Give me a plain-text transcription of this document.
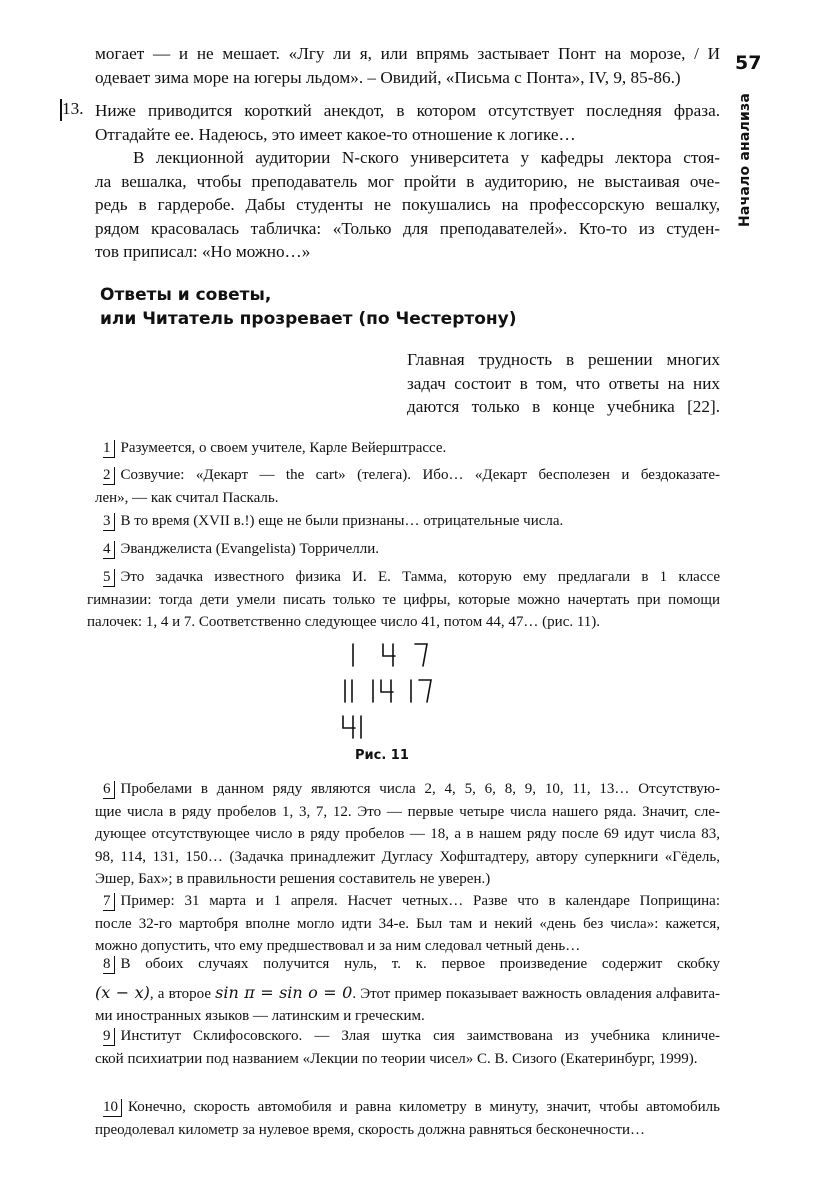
57
Начало анализа
могает — и не мешает. «Лгу ли я, или впрямь застывает Понт на морозе, / И
одевает зима море на югеры льдом». – Овидий, «Письма с Понта», IV, 9, 85-86.)
13. Ниже приводится короткий анекдот, в котором отсутствует последняя фраза.
Отгадайте ее. Надеюсь, это имеет какое-то отношение к логике…
В лекционной аудитории N-ского университета у кафедры лектора стоя-
ла вешалка, чтобы преподаватель мог пройти в аудиторию, не выстаивая оче-
редь в гардеробе. Дабы студенты не покушались на профессорскую вешалку,
рядом красовалась табличка: «Только для преподавателей». Кто-то из студен-
тов приписал: «Но можно…»
Ответы и советы,
или Читатель прозревает (по Честертону)
Главная трудность в решении многих
задач состоит в том, что ответы на них
даются только в конце учебника [22].
1 Разумеется, о своем учителе, Карле Вейерштрассе.
2 Созвучие: «Декарт — the cart» (телега). Ибо… «Декарт бесполезен и бездоказате-
лен», — как считал Паскаль.
3 В то время (XVII в.!) еще не были признаны… отрицательные числа.
4 Эванджелиста (Evangelista) Торричелли.
5 Это задачка известного физика И. Е. Тамма, которую ему предлагали в 1 классе
гимназии: тогда дети умели писать только те цифры, которые можно начертать при помощи
палочек: 1, 4 и 7. Соответственно следующее число 41, потом 44, 47… (рис. 11).
Рис. 11
6 Пробелами в данном ряду являются числа 2, 4, 5, 6, 8, 9, 10, 11, 13… Отсутствую-
щие числа в ряду пробелов 1, 3, 7, 12. Это — первые четыре числа нашего ряда. Значит, сле-
дующее отсутствующее число в ряду пробелов — 18, а в нашем ряду после 69 идут числа 83,
98, 114, 131, 150… (Задачка принадлежит Дугласу Хофштадтеру, автору суперкниги «Гёдель,
Эшер, Бах»; в правильности решения составитель не уверен.)
7 Пример: 31 марта и 1 апреля. Насчет четных… Разве что в календаре Поприщина:
после 32-го мартобря вполне могло идти 34-е. Был там и некий «день без числа»: кажется,
можно допустить, что ему предшествовал и за ним следовал четный день…
8 В обоих случаях получится нуль, т. к. первое произведение содержит скобку
(x − x), а второе sin π = sin o = 0. Этот пример показывает важность овладения алфавита-
ми иностранных языков — латинским и греческим.
9 Институт Склифосовского. — Злая шутка сия заимствована из учебника клиниче-
ской психиатрии под названием «Лекции по теории чисел» С. В. Сизого (Екатеринбург, 1999).
10 Конечно, скорость автомобиля и равна километру в минуту, значит, чтобы автомобиль
преодолевал километр за нулевое время, скорость должна равняться бесконечности…
